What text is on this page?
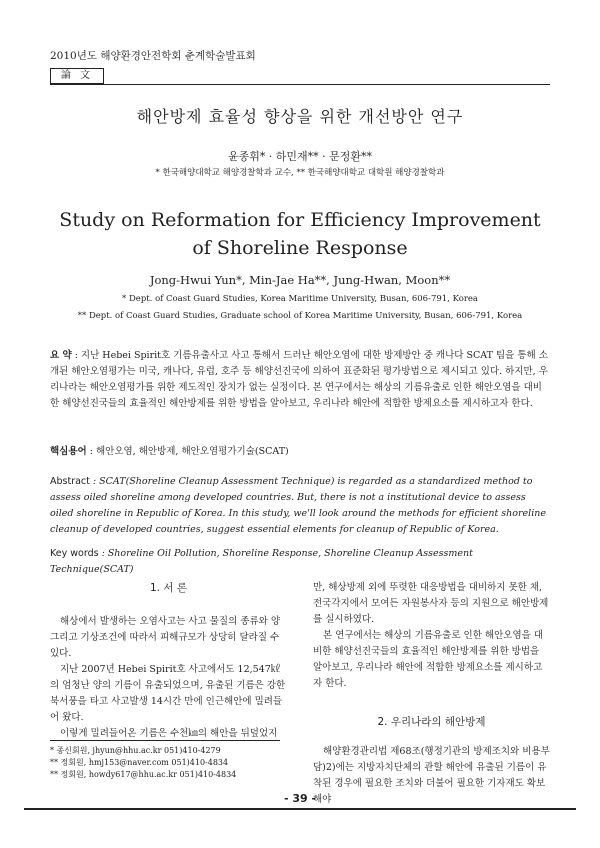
2010년도 해양환경안전학회 춘계학술발표회
論 文
해안방제 효율성 향상을 위한 개선방안 연구
윤종휘* · 하민재** · 문정환**
* 한국해양대학교 해양경찰학과 교수, ** 한국해양대학교 대학원 해양경찰학과
Study on Reformation for Efficiency Improvement
of Shoreline Response
Jong-Hwui Yun*, Min-Jae Ha**, Jung-Hwan, Moon**
* Dept. of Coast Guard Studies, Korea Maritime University, Busan, 606-791, Korea
** Dept. of Coast Guard Studies, Graduate school of Korea Maritime University, Busan, 606-791, Korea
요 약 : 지난 Hebei Spirit호 기름유출사고 사고 통해서 드러난 해안오염에 대한 방제방안 중 캐나다 SCAT 팀을 통해 소개된 해안오염평가는 미국, 캐나다, 유럽, 호주 등 해양선진국에 의하여 표준화된 평가방법으로 제시되고 있다. 하지만, 우리나라는 해안오염평가를 위한 제도적인 장치가 없는 실정이다. 본 연구에서는 해상의 기름유출로 인한 해안오염을 대비한 해양선진국들의 효율적인 해안방제를 위한 방법을 알아보고, 우리나라 해안에 적합한 방제요소를 제시하고자 한다.
핵심용어 : 해안오염, 해안방제, 해안오염평가기술(SCAT)
Abstract : SCAT(Shoreline Cleanup Assessment Technique) is regarded as a standardized method to assess oiled shoreline among developed countries. But, there is not a institutional device to assess oiled shoreline in Republic of Korea. In this study, we'll look around the methods for efficient shoreline cleanup of developed countries, suggest essential elements for cleanup of Republic of Korea.
Key words : Shoreline Oil Pollution, Shoreline Response, Shoreline Cleanup Assessment Technique(SCAT)
1. 서 론

해상에서 발생하는 오염사고는 사고 물질의 종류와 양 그리고 기상조건에 따라서 피해규모가 상당히 달라질 수 있다.

지난 2007년 Hebei Spirit호 사고에서도 12,547㎘의 엄청난 양의 기름이 유출되었으며, 유출된 기름은 강한 북서풍을 타고 사고발생 14시간 만에 인근해안에 밀려들어 왔다.

이렇게 밀려들어온 기름은 수천㎞의 해안을 뒤덮었지

만, 해상방제 외에 뚜렷한 대응방법을 대비하지 못한 채, 전국각지에서 모여든 자원봉사자 등의 지원으로 해안방제를 실시하였다.

본 연구에서는 해상의 기름유출로 인한 해안오염을 대비한 해양선진국들의 효율적인 해안방제를 위한 방법을 알아보고, 우리나라 해안에 적합한 방제요소를 제시하고자 한다.

2. 우리나라의 해안방제

해양환경관리법 제68조(행정기관의 방제조치와 비용부담)2)에는 지방자치단체의 관할 해안에 유출된 기름이 유착된 경우에 필요한 조치와 더불어 필요한 기자재도 확보해야

* 종신회원, jhyun@hhu.ac.kr 051)410-4279
** 정회원, hmj153@naver.com 051)410-4834
** 정회원, howdy617@hhu.ac.kr 051)410-4834
- 39 -
